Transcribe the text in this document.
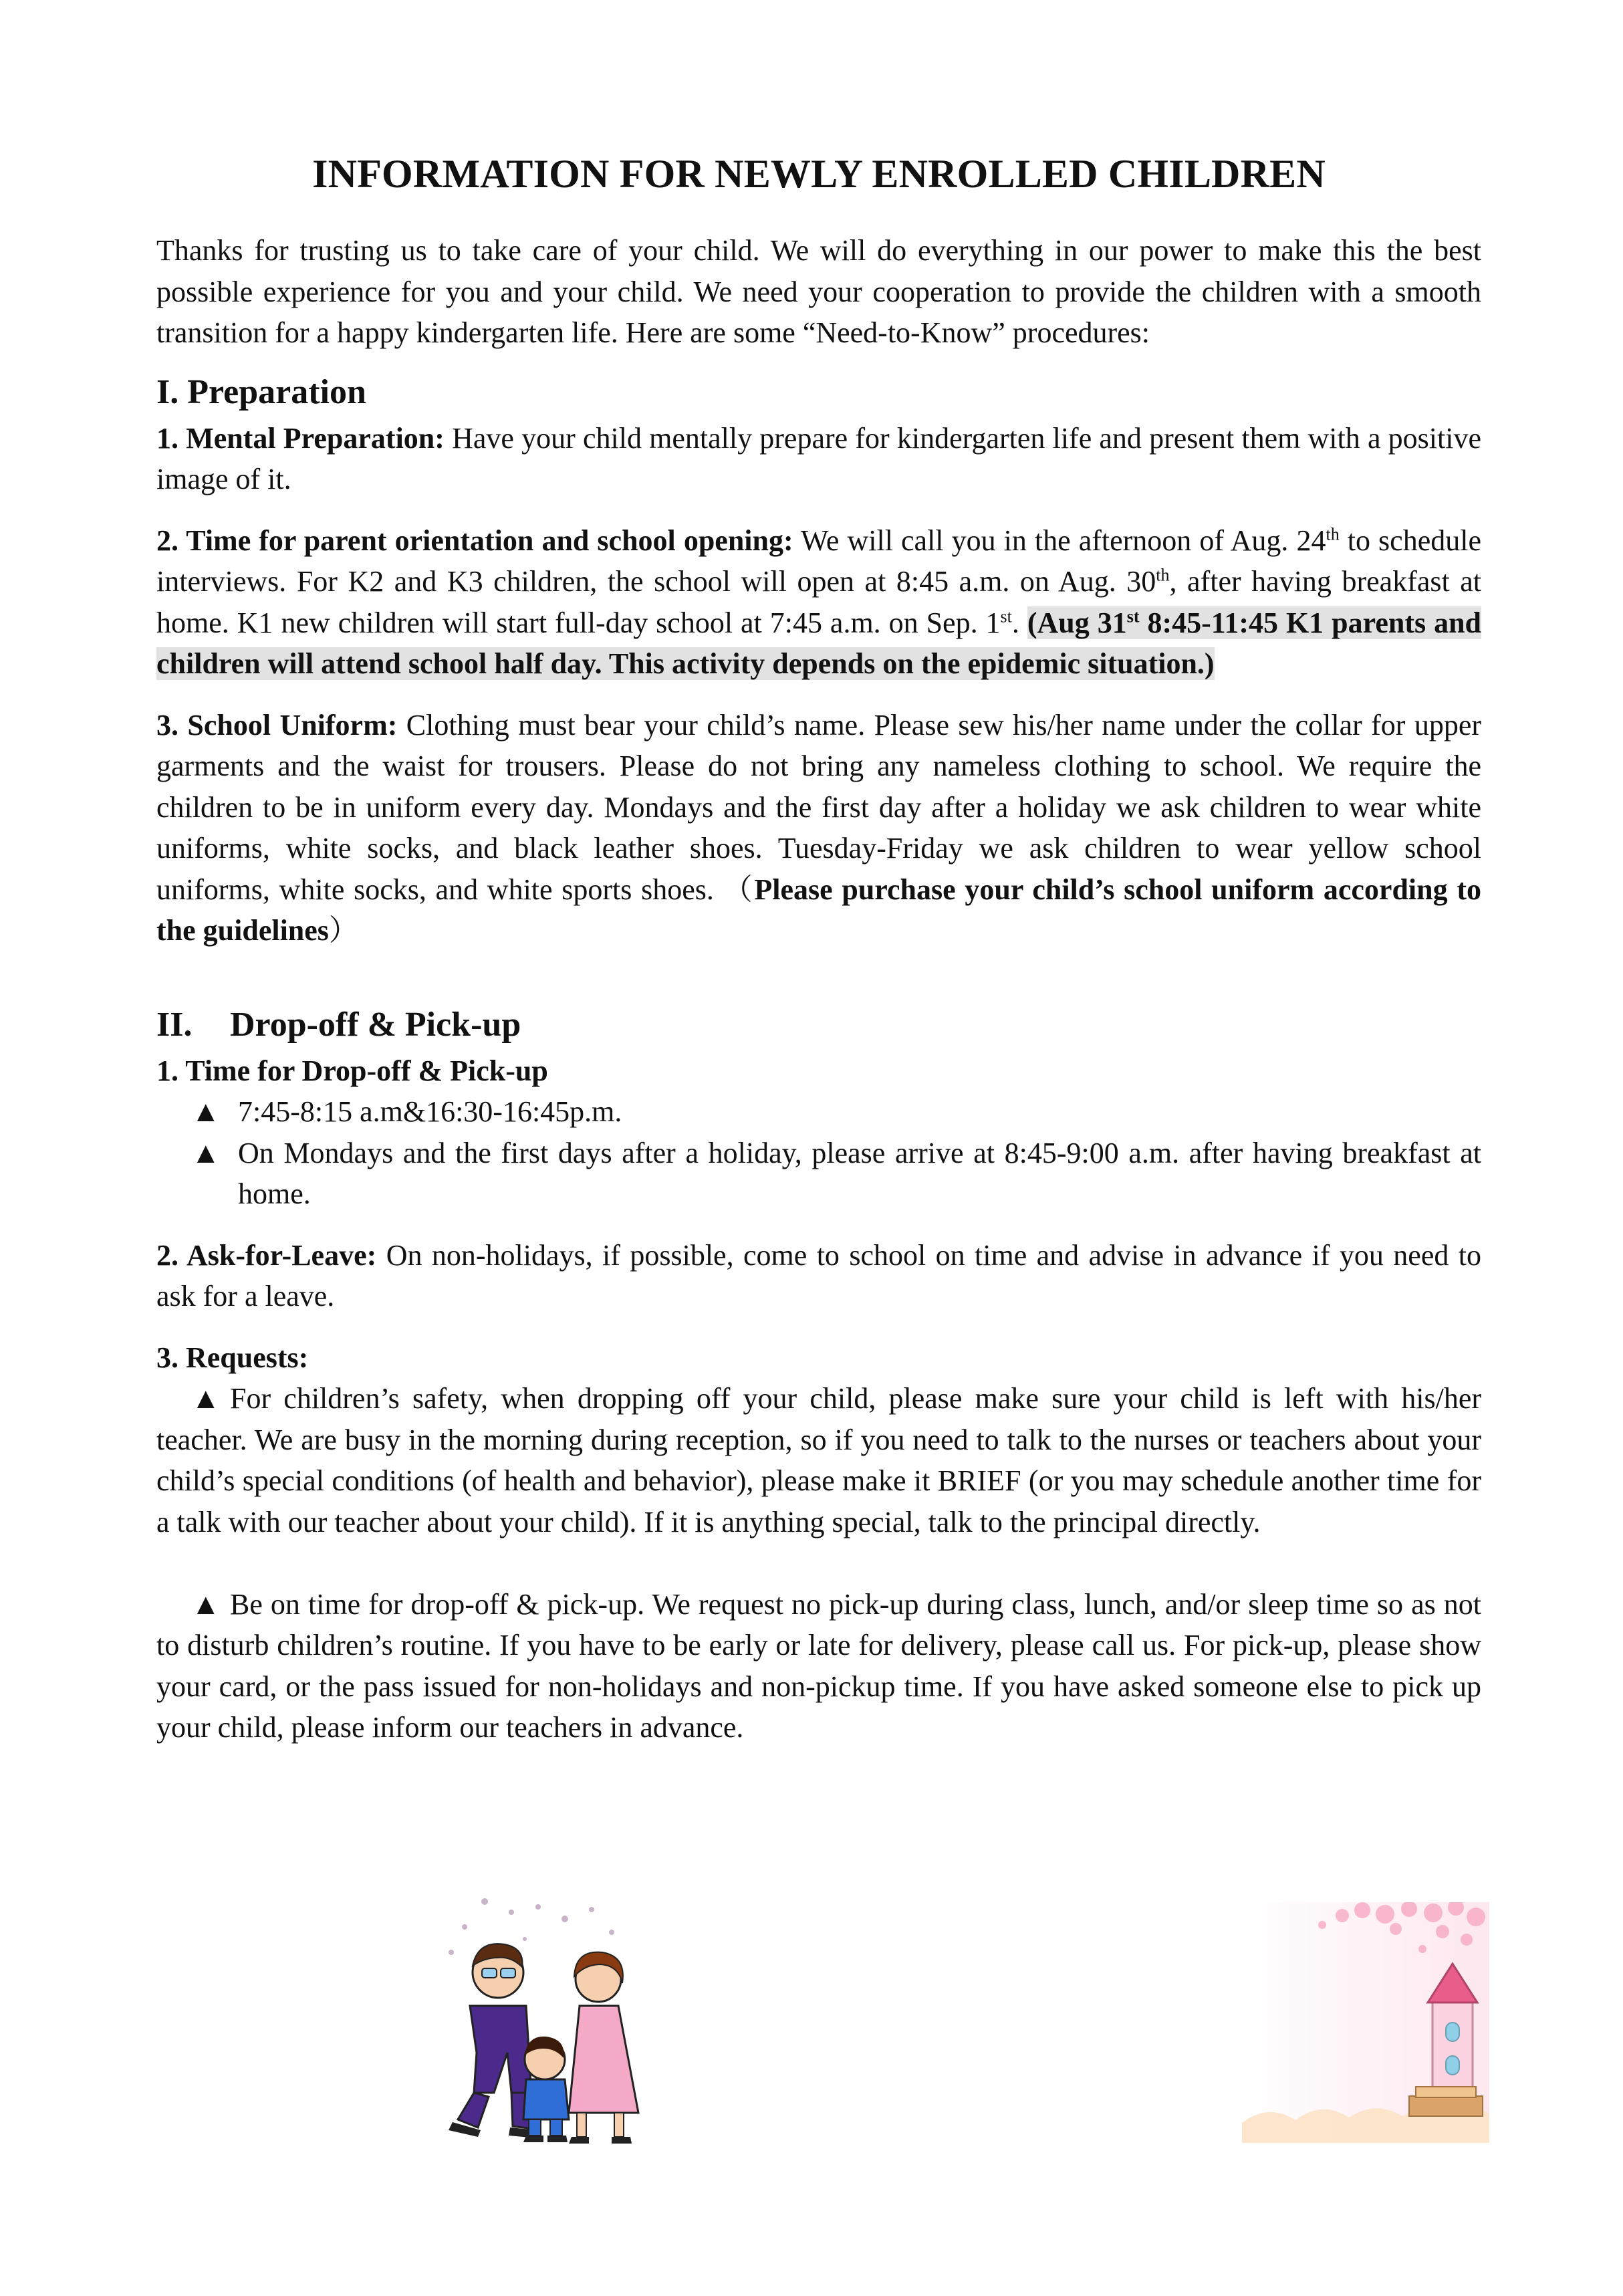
INFORMATION FOR NEWLY ENROLLED CHILDREN

Thanks for trusting us to take care of your child. We will do everything in our power to make this the best possible experience for you and your child. We need your cooperation to provide the children with a smooth transition for a happy kindergarten life. Here are some “Need-to-Know” procedures:

I. Preparation

1. Mental Preparation: Have your child mentally prepare for kindergarten life and present them with a positive image of it.

2. Time for parent orientation and school opening: We will call you in the afternoon of Aug. 24th to schedule interviews. For K2 and K3 children, the school will open at 8:45 a.m. on Aug. 30th, after having breakfast at home. K1 new children will start full-day school at 7:45 a.m. on Sep. 1st. (Aug 31st 8:45-11:45 K1 parents and children will attend school half day. This activity depends on the epidemic situation.)

3. School Uniform: Clothing must bear your child’s name. Please sew his/her name under the collar for upper garments and the waist for trousers. Please do not bring any nameless clothing to school. We require the children to be in uniform every day. Mondays and the first day after a holiday we ask children to wear white uniforms, white socks, and black leather shoes. Tuesday-Friday we ask children to wear yellow school uniforms, white socks, and white sports shoes. （Please purchase your child’s school uniform according to the guidelines）

II. Drop-off & Pick-up
1. Time for Drop-off & Pick-up
▲ 7:45-8:15 a.m&16:30-16:45p.m.
▲ On Mondays and the first days after a holiday, please arrive at 8:45-9:00 a.m. after having breakfast at home.

2. Ask-for-Leave: On non-holidays, if possible, come to school on time and advise in advance if you need to ask for a leave.

3. Requests:

▲ For children’s safety, when dropping off your child, please make sure your child is left with his/her teacher. We are busy in the morning during reception, so if you need to talk to the nurses or teachers about your child’s special conditions (of health and behavior), please make it BRIEF (or you may schedule another time for a talk with our teacher about your child). If it is anything special, talk to the principal directly.

▲ Be on time for drop-off & pick-up. We request no pick-up during class, lunch, and/or sleep time so as not to disturb children’s routine. If you have to be early or late for delivery, please call us. For pick-up, please show your card, or the pass issued for non-holidays and non-pickup time. If you have asked someone else to pick up your child, please inform our teachers in advance.
